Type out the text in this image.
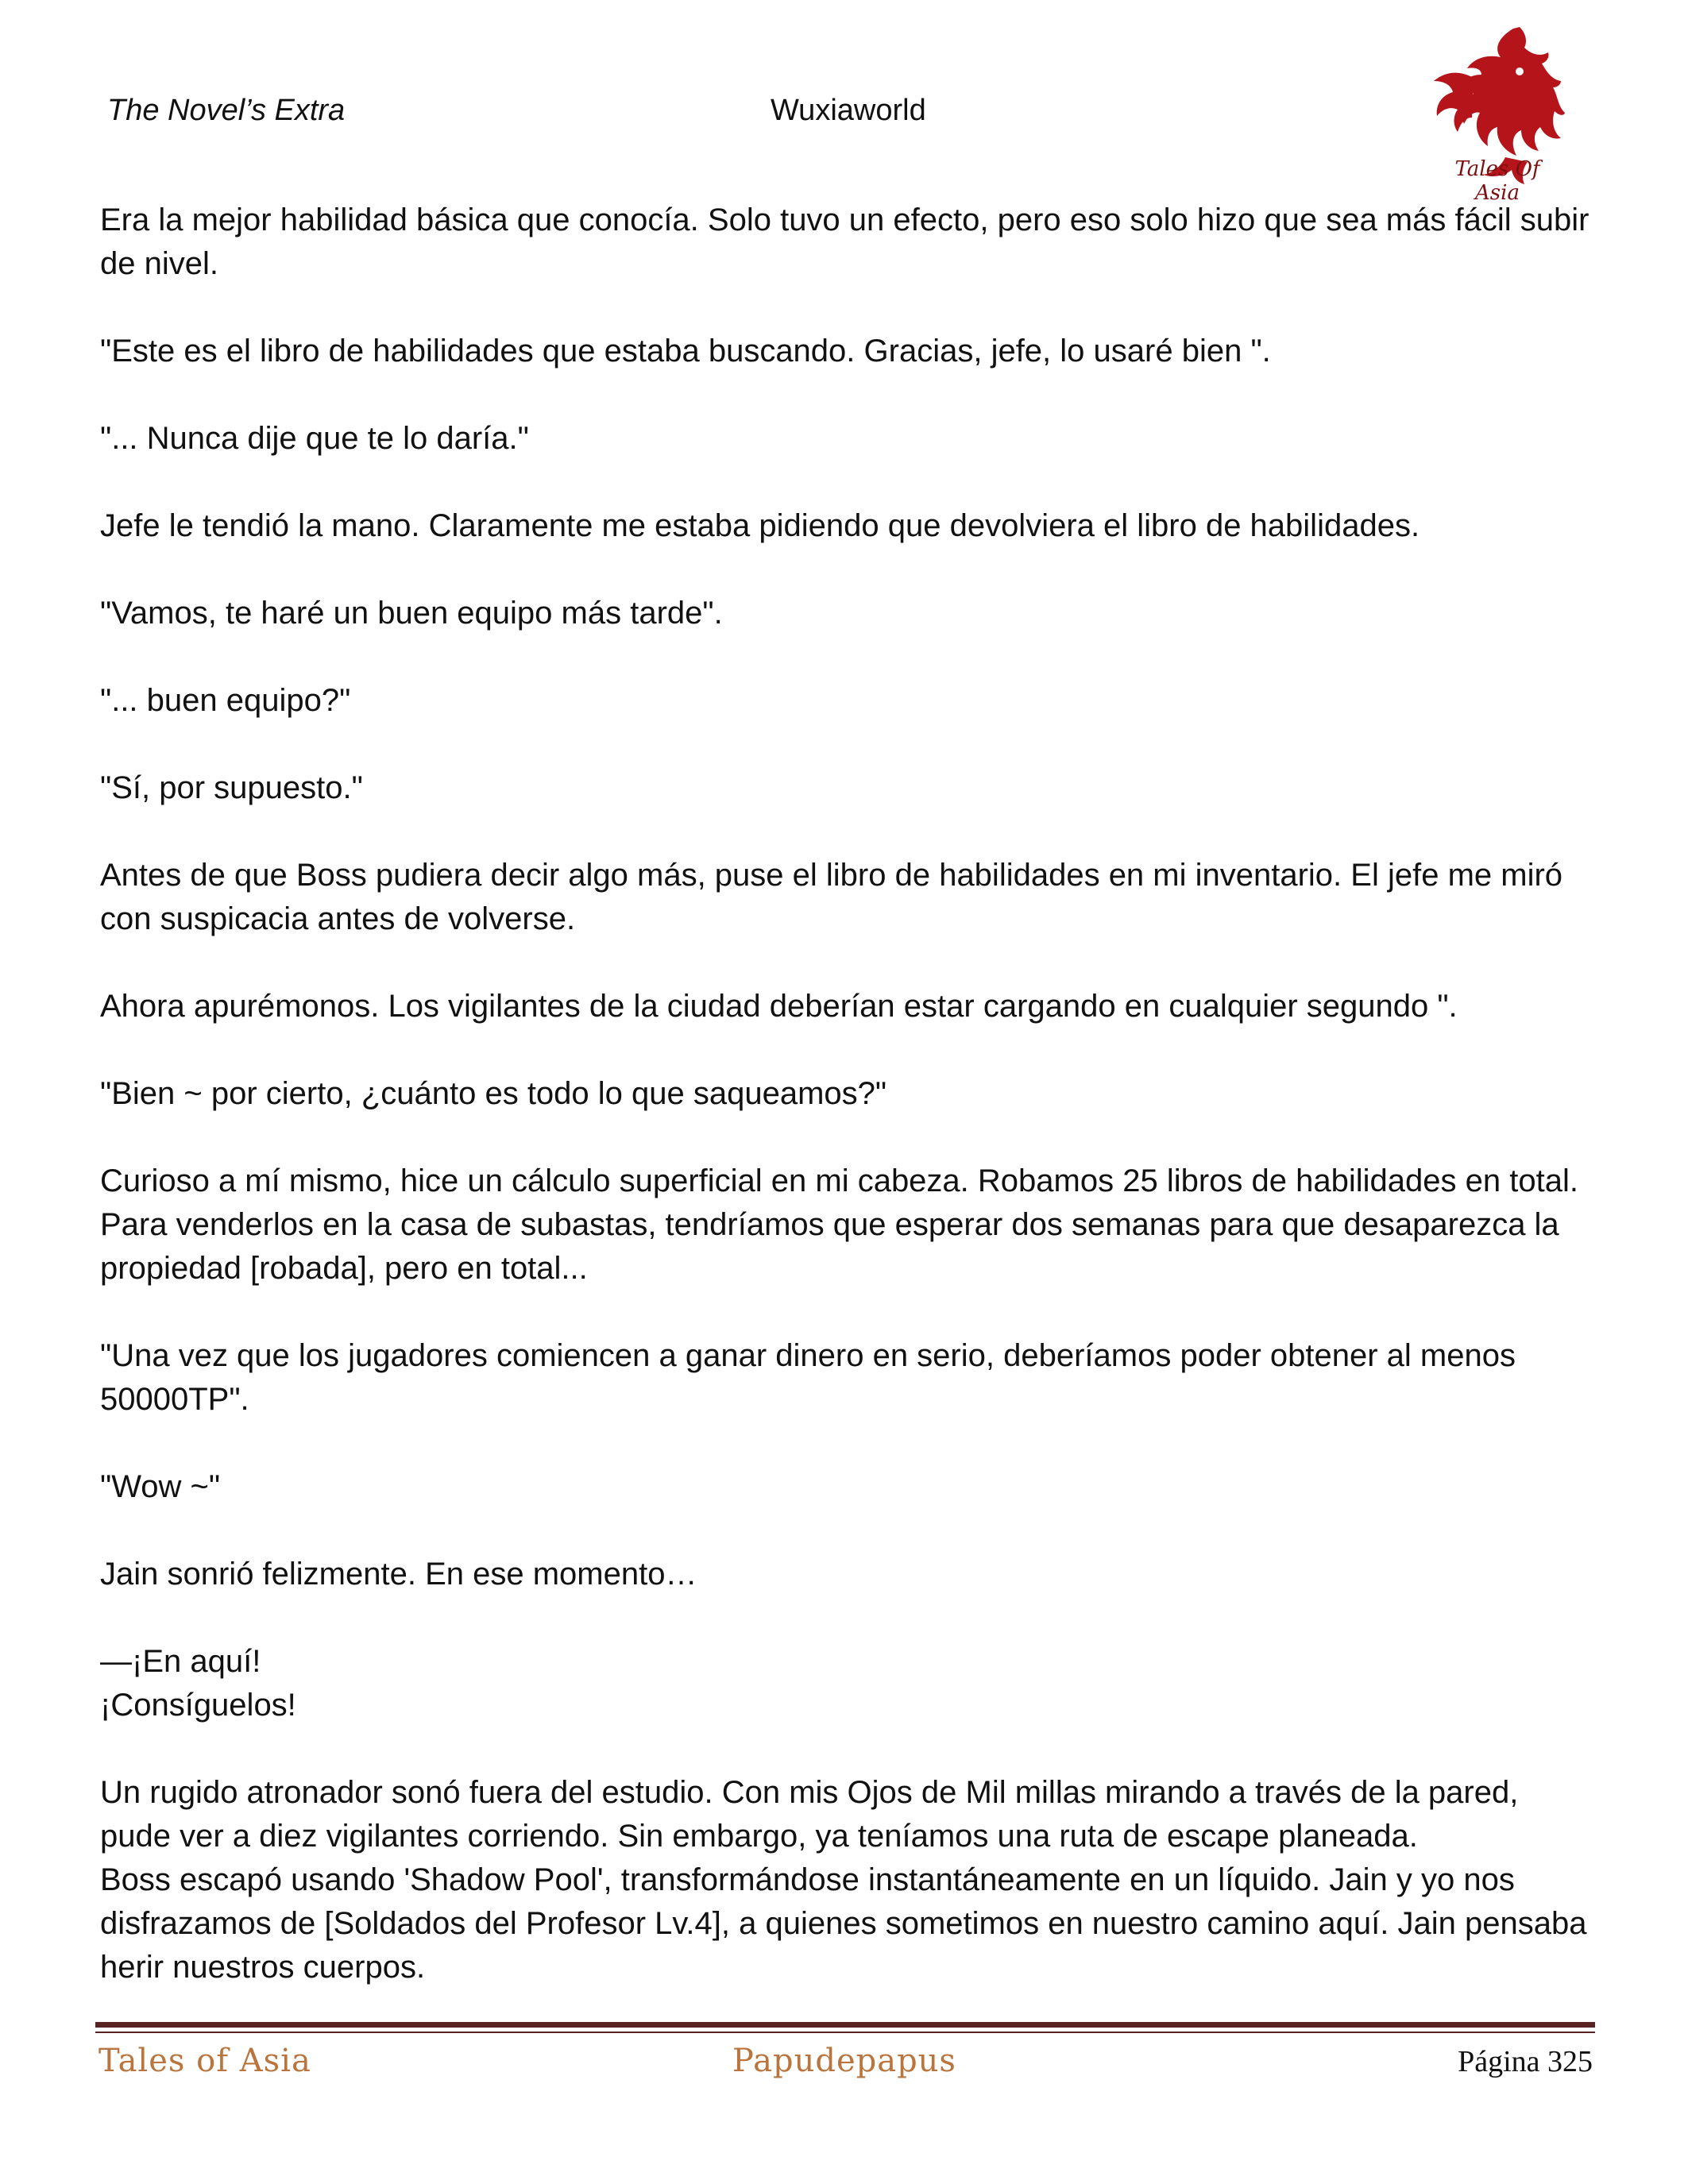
The Novel’s Extra	Wuxiaworld
Tales Of Asia

Era la mejor habilidad básica que conocía. Solo tuvo un efecto, pero eso solo hizo que sea más fácil subir de nivel.

"Este es el libro de habilidades que estaba buscando. Gracias, jefe, lo usaré bien ".

"... Nunca dije que te lo daría."

Jefe le tendió la mano. Claramente me estaba pidiendo que devolviera el libro de habilidades.

"Vamos, te haré un buen equipo más tarde".

"... buen equipo?"

"Sí, por supuesto."

Antes de que Boss pudiera decir algo más, puse el libro de habilidades en mi inventario. El jefe me miró con suspicacia antes de volverse.

Ahora apurémonos. Los vigilantes de la ciudad deberían estar cargando en cualquier segundo ".

"Bien ~ por cierto, ¿cuánto es todo lo que saqueamos?"

Curioso a mí mismo, hice un cálculo superficial en mi cabeza. Robamos 25 libros de habilidades en total. Para venderlos en la casa de subastas, tendríamos que esperar dos semanas para que desaparezca la propiedad [robada], pero en total...

"Una vez que los jugadores comiencen a ganar dinero en serio, deberíamos poder obtener al menos 50000TP".

"Wow ~"

Jain sonrió felizmente. En ese momento…

—¡En aquí!

¡Consíguelos!

Un rugido atronador sonó fuera del estudio. Con mis Ojos de Mil millas mirando a través de la pared, pude ver a diez vigilantes corriendo. Sin embargo, ya teníamos una ruta de escape planeada.

Boss escapó usando 'Shadow Pool', transformándose instantáneamente en un líquido. Jain y yo nos disfrazamos de [Soldados del Profesor Lv.4], a quienes sometimos en nuestro camino aquí. Jain pensaba herir nuestros cuerpos.

Tales of Asia	Papudepapus	Página 325
